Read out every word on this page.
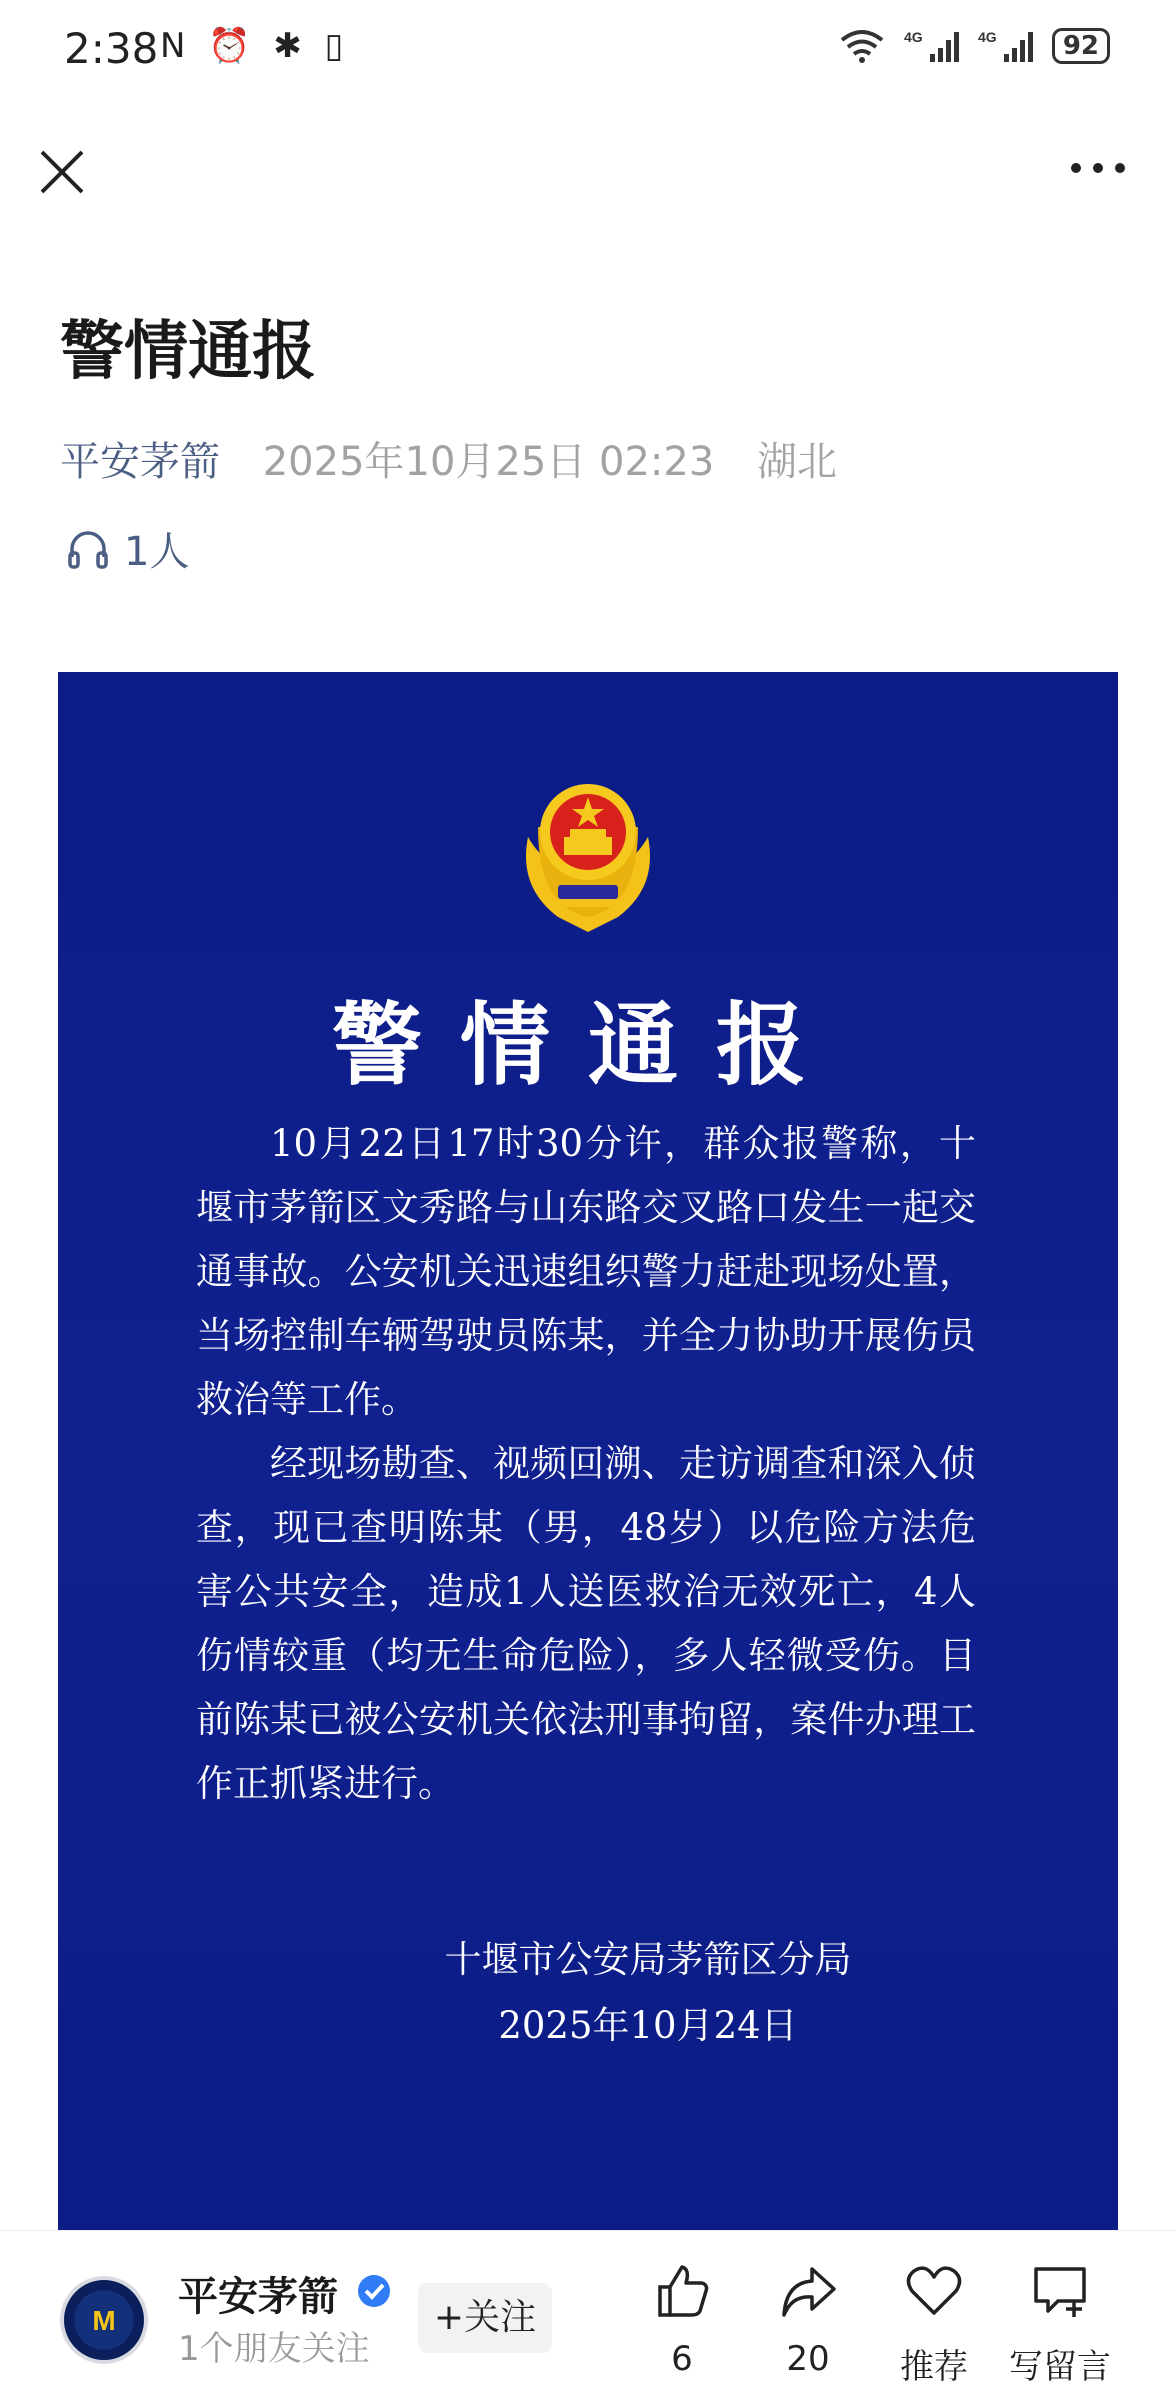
2:38 N ⏰ ✱ ▯	4G	4G	92
警情通报
平安茅箭 2025年10月25日 02:23 湖北
1人
警情通报

10月22日17时30分许，群众报警称，十堰市茅箭区文秀路与山东路交叉路口发生一起交通事故。公安机关迅速组织警力赶赴现场处置，当场控制车辆驾驶员陈某，并全力协助开展伤员救治等工作。

经现场勘查、视频回溯、走访调查和深入侦查，现已查明陈某（男，48岁）以危险方法危害公共安全，造成1人送医救治无效死亡，4人伤情较重（均无生命危险），多人轻微受伤。目前陈某已被公安机关依法刑事拘留，案件办理工作正抓紧进行。

十堰市公安局茅箭区分局
2025年10月24日
M
平安茅箭
1个朋友关注
+关注
6	20	推荐	写留言
